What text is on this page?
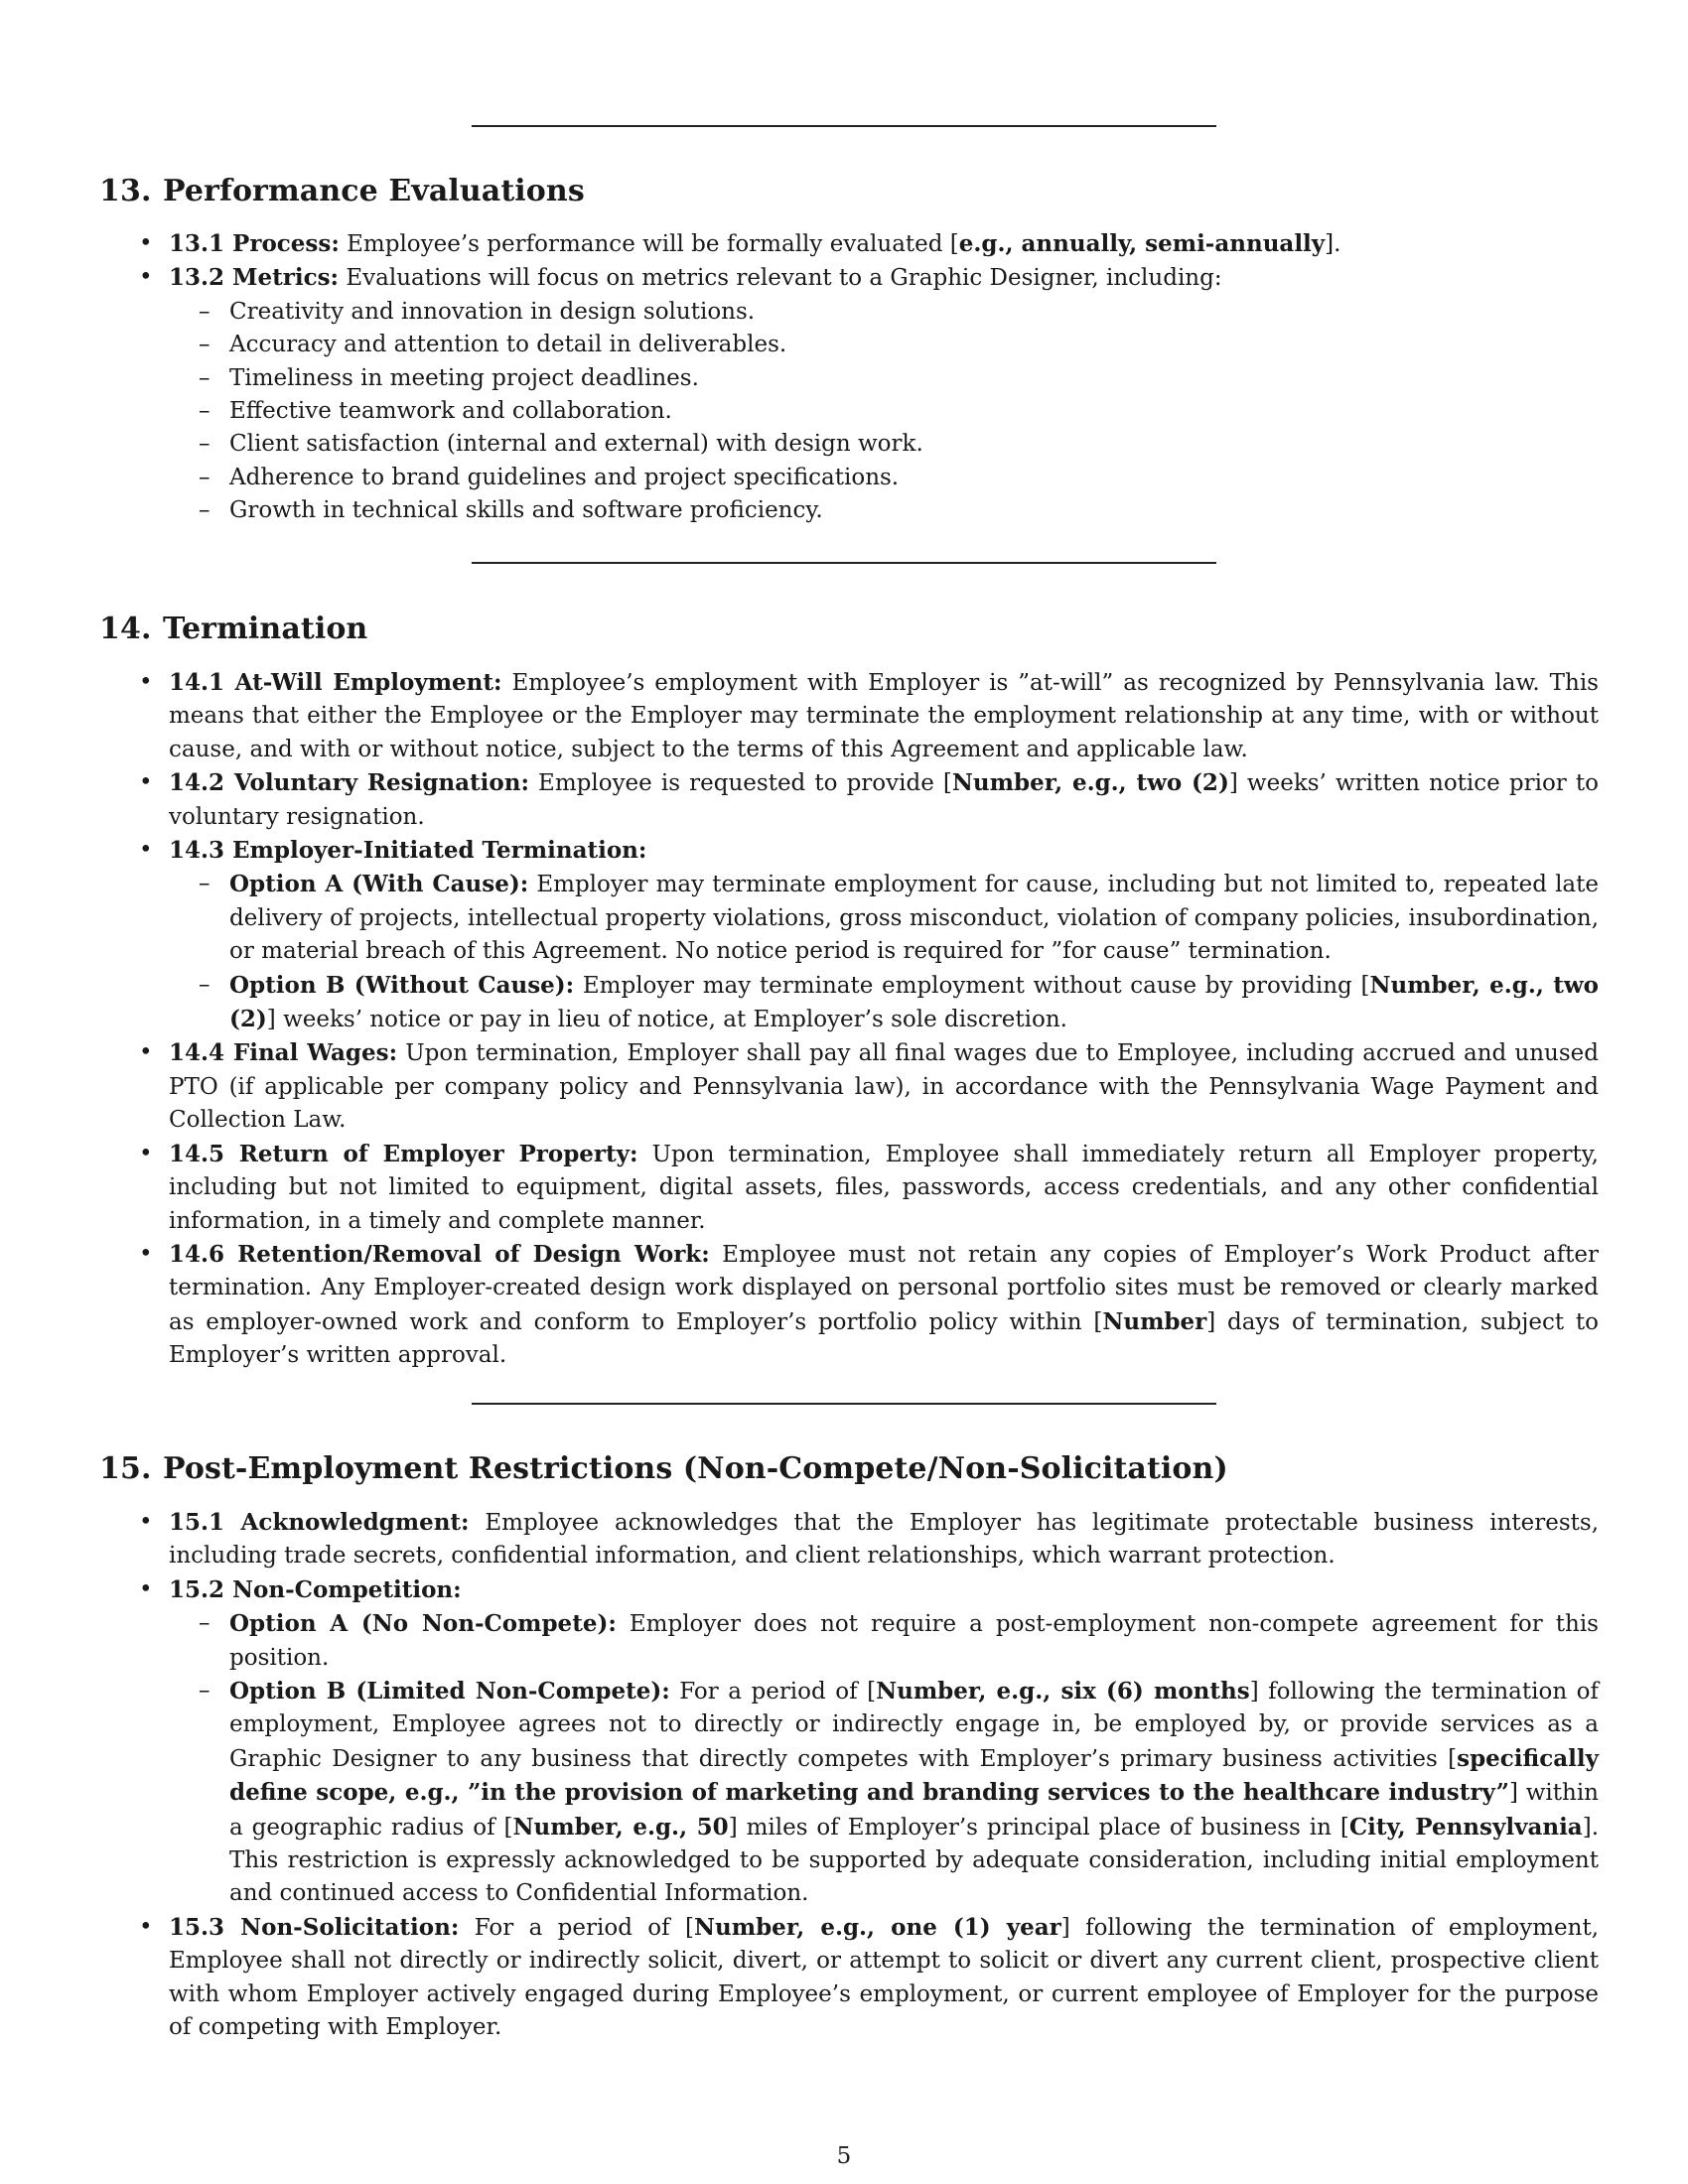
13. Performance Evaluations
• 13.1 Process: Employee’s performance will be formally evaluated [e.g., annually, semi-annually].
• 13.2 Metrics: Evaluations will focus on metrics relevant to a Graphic Designer, including:
– Creativity and innovation in design solutions.
– Accuracy and attention to detail in deliverables.
– Timeliness in meeting project deadlines.
– Effective teamwork and collaboration.
– Client satisfaction (internal and external) with design work.
– Adherence to brand guidelines and project specifications.
– Growth in technical skills and software proficiency.
14. Termination
• 14.1 At-Will Employment: Employee’s employment with Employer is ”at-will” as recognized by Pennsylvania law. This means that either the Employee or the Employer may terminate the employment relationship at any time, with or without cause, and with or without notice, subject to the terms of this Agreement and applicable law.
• 14.2 Voluntary Resignation: Employee is requested to provide [Number, e.g., two (2)] weeks’ written notice prior to voluntary resignation.
• 14.3 Employer-Initiated Termination:
– Option A (With Cause): Employer may terminate employment for cause, including but not limited to, repeated late delivery of projects, intellectual property violations, gross misconduct, violation of company policies, insubordination, or material breach of this Agreement. No notice period is required for ”for cause” termination.
– Option B (Without Cause): Employer may terminate employment without cause by providing [Number, e.g., two (2)] weeks’ notice or pay in lieu of notice, at Employer’s sole discretion.
• 14.4 Final Wages: Upon termination, Employer shall pay all final wages due to Employee, including accrued and unused PTO (if applicable per company policy and Pennsylvania law), in accordance with the Pennsylvania Wage Payment and Collection Law.
• 14.5 Return of Employer Property: Upon termination, Employee shall immediately return all Employer property, including but not limited to equipment, digital assets, files, passwords, access credentials, and any other confidential information, in a timely and complete manner.
• 14.6 Retention/Removal of Design Work: Employee must not retain any copies of Employer’s Work Product after termination. Any Employer-created design work displayed on personal portfolio sites must be removed or clearly marked as employer-owned work and conform to Employer’s portfolio policy within [Number] days of termination, subject to Employer’s written approval.
15. Post-Employment Restrictions (Non-Compete/Non-Solicitation)
• 15.1 Acknowledgment: Employee acknowledges that the Employer has legitimate protectable business interests, including trade secrets, confidential information, and client relationships, which warrant protection.
• 15.2 Non-Competition:
– Option A (No Non-Compete): Employer does not require a post-employment non-compete agreement for this position.
– Option B (Limited Non-Compete): For a period of [Number, e.g., six (6) months] following the termination of employment, Employee agrees not to directly or indirectly engage in, be employed by, or provide services as a Graphic Designer to any business that directly competes with Employer’s primary business activities [specifically define scope, e.g., ”in the provision of marketing and branding services to the healthcare industry”] within a geographic radius of [Number, e.g., 50] miles of Employer’s principal place of business in [City, Pennsylvania]. This restriction is expressly acknowledged to be supported by adequate consideration, including initial employment and continued access to Confidential Information.
• 15.3 Non-Solicitation: For a period of [Number, e.g., one (1) year] following the termination of employment, Employee shall not directly or indirectly solicit, divert, or attempt to solicit or divert any current client, prospective client with whom Employer actively engaged during Employee’s employment, or current employee of Employer for the purpose of competing with Employer.
5
